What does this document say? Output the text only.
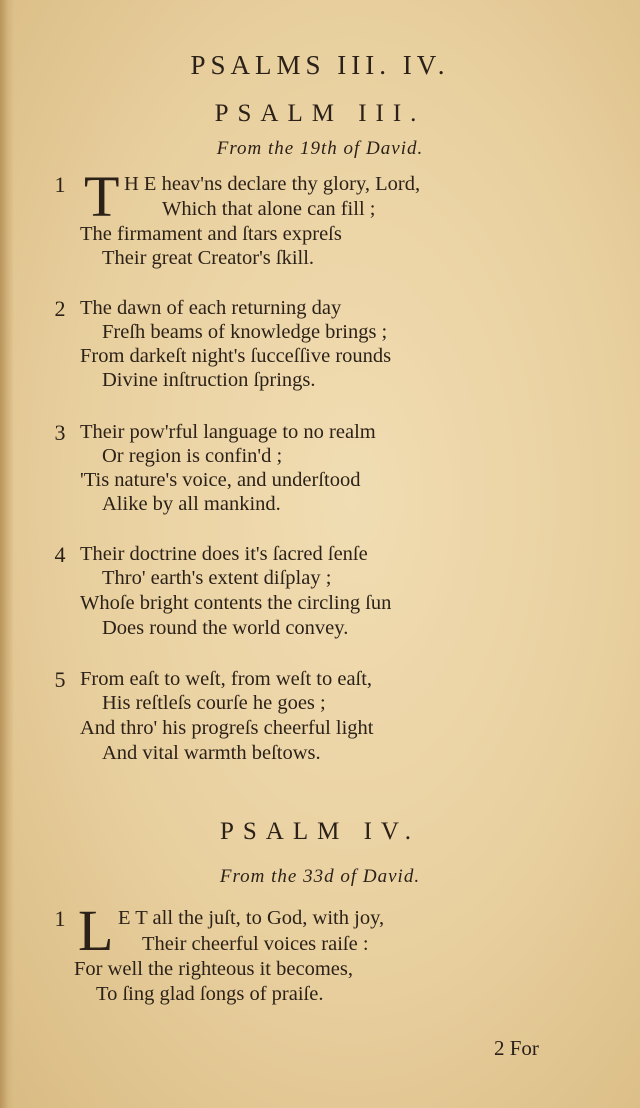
PSALMS III. IV.
PSALM III.
From the 19th of David.
1 T H E heav'ns declare thy glory, Lord,
Which that alone can fill ;
The firmament and ſtars expreſs
Their great Creator's ſkill.
2 The dawn of each returning day
Freſh beams of knowledge brings ;
From darkeſt night's ſucceſſive rounds
Divine inſtruction ſprings.
3 Their pow'rful language to no realm
Or region is confin'd ;
'Tis nature's voice, and underſtood
Alike by all mankind.
4 Their doctrine does it's ſacred ſenſe
Thro' earth's extent diſplay ;
Whoſe bright contents the circling ſun
Does round the world convey.
5 From eaſt to weſt, from weſt to eaſt,
His reſtleſs courſe he goes ;
And thro' his progreſs cheerful light
And vital warmth beſtows.
PSALM IV.
From the 33d of David.
1 L E T all the juſt, to God, with joy,
Their cheerful voices raiſe :
For well the righteous it becomes,
To ſing glad ſongs of praiſe.
2 For
